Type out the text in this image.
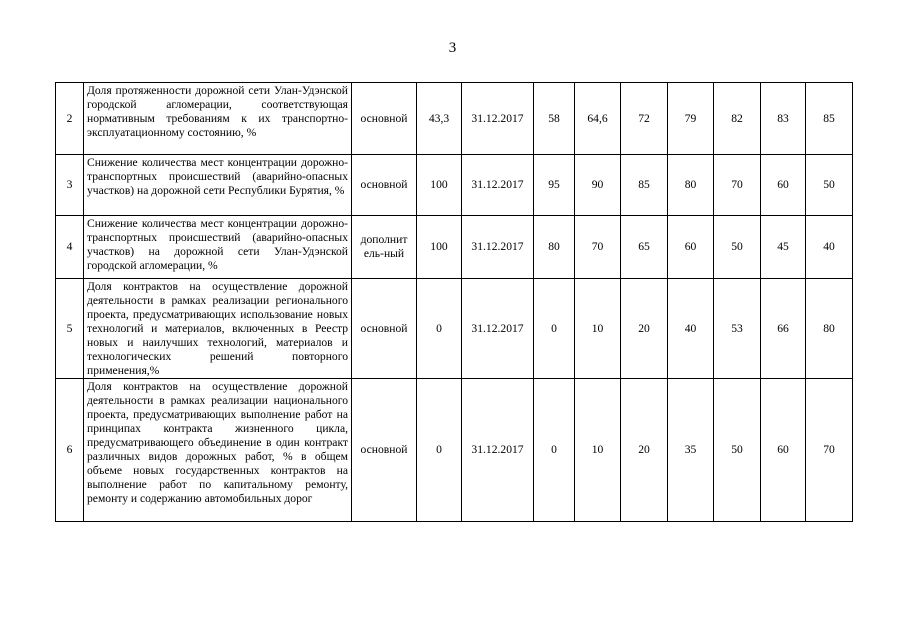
3
2	Доля протяженности дорожной сети Улан-Удэнской городской агломерации, соответствующая нормативным требованиям к их транспортно-эксплуатационному состоянию, %	основной	43,3	31.12.2017	58	64,6	72	79	82	83	85
3	Снижение количества мест концентрации дорожно-транспортных происшествий (аварийно-опасных участков) на дорожной сети Республики Бурятия, %	основной	100	31.12.2017	95	90	85	80	70	60	50
4	Снижение количества мест концентрации дорожно-транспортных происшествий (аварийно-опасных участков) на дорожной сети Улан-Удэнской городской агломерации, %	дополнит ель-ный	100	31.12.2017	80	70	65	60	50	45	40
5	Доля контрактов на осуществление дорожной деятельности в рамках реализации регионального проекта, предусматривающих использование новых технологий и материалов, включенных в Реестр новых и наилучших технологий, материалов и технологических решений повторного применения,%	основной	0	31.12.2017	0	10	20	40	53	66	80
6	Доля контрактов на осуществление дорожной деятельности в рамках реализации национального проекта, предусматривающих выполнение работ на принципах контракта жизненного цикла, предусматривающего объединение в один контракт различных видов дорожных работ, % в общем объеме новых государственных контрактов на выполнение работ по капитальному ремонту, ремонту и содержанию автомобильных дорог	основной	0	31.12.2017	0	10	20	35	50	60	70
